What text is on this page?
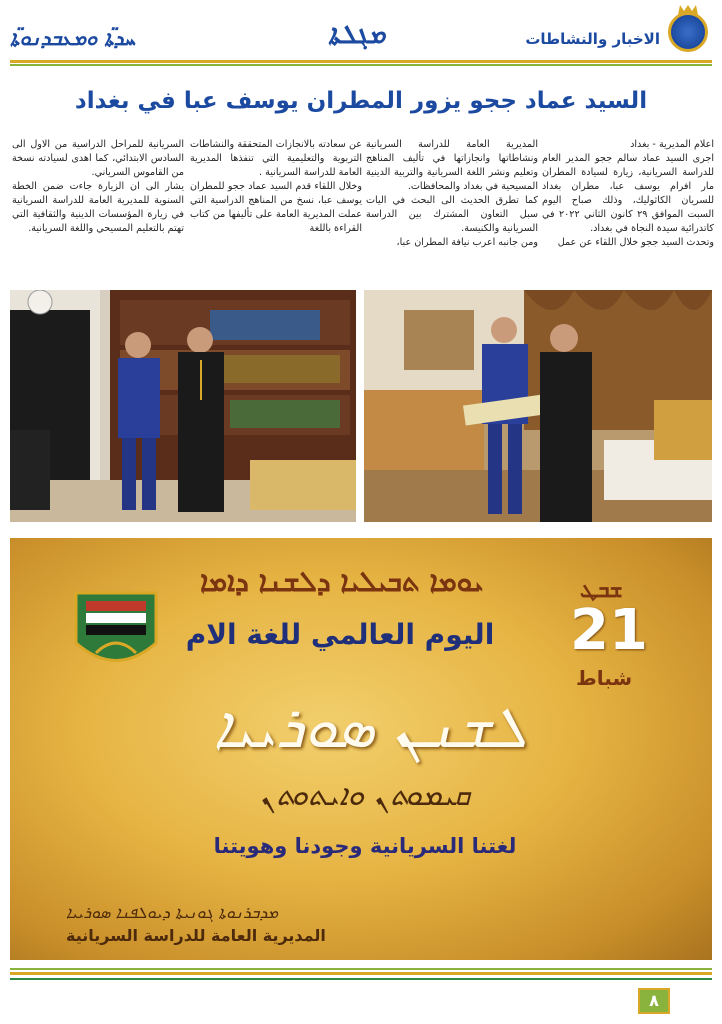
ܚܕܬ̈ܐ ܘܡܥܒܕܢܘܬ̈ܐ	ܡܓܠܬܐ	الاخبار والنشاطات
السيد عماد ججو يزور المطران يوسف عبا في بغداد

اعلام المديرية - بغداد
اجرى السيد عماد سالم ججو المدير العام للدراسة السريانية، زيارة لسيادة المطران مار افرام يوسف عبا، مطران بغداد للسريان الكاثوليك، وذلك صباح اليوم السبت الموافق ٢٩ كانون الثاني ٢٠٢٢ في كاتدرائية سيدة النجاة في بغداد.
وتحدث السيد ججو خلال اللقاء عن عمل

المديرية العامة للدراسة السريانية ونشاطاتها وانجازاتها في تأليف المناهج وتعليم ونشر اللغة السريانية والتربية الدينية المسيحية في بغداد والمحافظات.
كما تطرق الحديث الى البحث في اليات سبل التعاون المشترك بين الدراسة السريانية والكنيسة.
ومن جانبه اعرب نيافة المطران عبا،

عن سعادته بالانجازات المتحققة والنشاطات التربوية والتعليمية التي تنفذها المديرية العامة للدراسة السريانية .
وخلال اللقاء قدم السيد عماد ججو للمطران يوسف عبا، نسخ من المناهج الدراسية التي عملت المديرية العامة على تأليفها من كتاب القراءة باللغة

السريانية للمراحل الدراسية من الاول الى السادس الابتدائي، كما اهدى لسيادته نسخة من القاموس السرياني.
يشار الى ان الزيارة جاءت ضمن الخطة السنوية للمديرية العامة للدراسة السريانية في زيارة المؤسسات الدينية والثقافية التي تهتم بالتعليم المسيحي واللغة السريانية.

ܝܘܡܐ ܬܒܝܠܝܐ ܕܠܫܢܐ ܕܐܡܐ
اليوم العالمي للغة الام
ܫܒܛ
21
شباط
ܠܫܢܢ ܣܘܪܝܝܐ
ܩܝܡܘܬܢ ܘܐܝܬܘܬܢ
لغتنا السريانية وجودنا وهويتنا
ܡܕܒܪܢܘܬܐ ܓܘܢܝܬܐ ܕܝܘܠܦܢܐ ܣܘܪܝܝܐ
المديرية العامة للدراسة السريانية
٨
